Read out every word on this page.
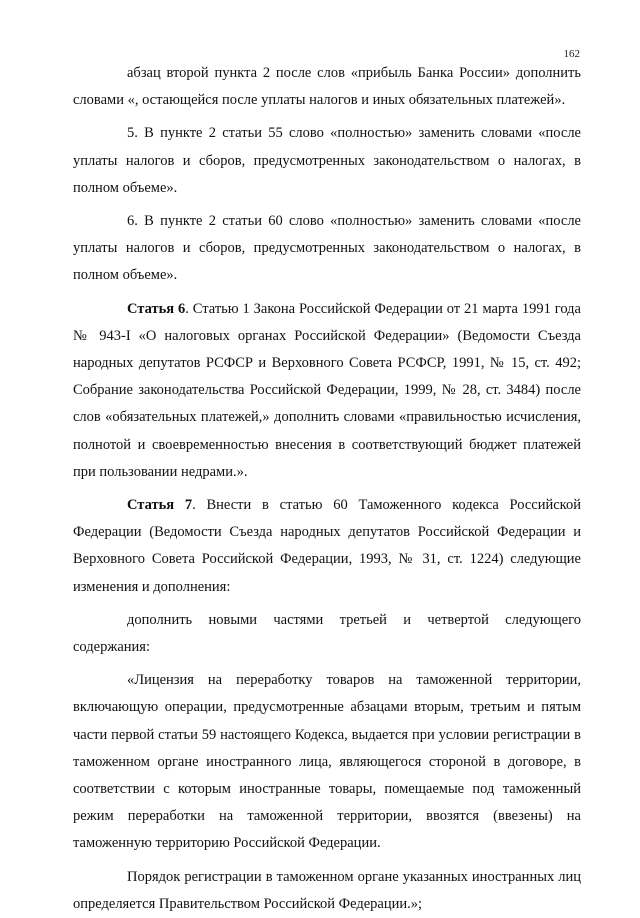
162

абзац второй пункта 2 после слов «прибыль Банка России» дополнить словами «, остающейся после уплаты налогов и иных обязательных платежей».

5. В пункте 2 статьи 55 слово «полностью» заменить словами «после уплаты налогов и сборов, предусмотренных законодательством о налогах, в полном объеме».

6. В пункте 2 статьи 60 слово «полностью» заменить словами «после уплаты налогов и сборов, предусмотренных законодательством о налогах, в полном объеме».

Статья 6. Статью 1 Закона Российской Федерации от 21 марта 1991 года № 943-I «О налоговых органах Российской Федерации» (Ведомости Съезда народных депутатов РСФСР и Верховного Совета РСФСР, 1991, № 15, ст. 492; Собрание законодательства Российской Федерации, 1999, № 28, ст. 3484) после слов «обязательных платежей,» дополнить словами «правильностью исчисления, полнотой и своевременностью внесения в соответствующий бюджет платежей при пользовании недрами.».

Статья 7. Внести в статью 60 Таможенного кодекса Российской Федерации (Ведомости Съезда народных депутатов Российской Федерации и Верховного Совета Российской Федерации, 1993, № 31, ст. 1224) следующие изменения и дополнения:

дополнить новыми частями третьей и четвертой следующего содержания:

«Лицензия на переработку товаров на таможенной территории, включающую операции, предусмотренные абзацами вторым, третьим и пятым части первой статьи 59 настоящего Кодекса, выдается при условии регистрации в таможенном органе иностранного лица, являющегося стороной в договоре, в соответствии с которым иностранные товары, помещаемые под таможенный режим переработки на таможенной территории, ввозятся (ввезены) на таможенную территорию Российской Федерации.

Порядок регистрации в таможенном органе указанных иностранных лиц определяется Правительством Российской Федерации.»;
